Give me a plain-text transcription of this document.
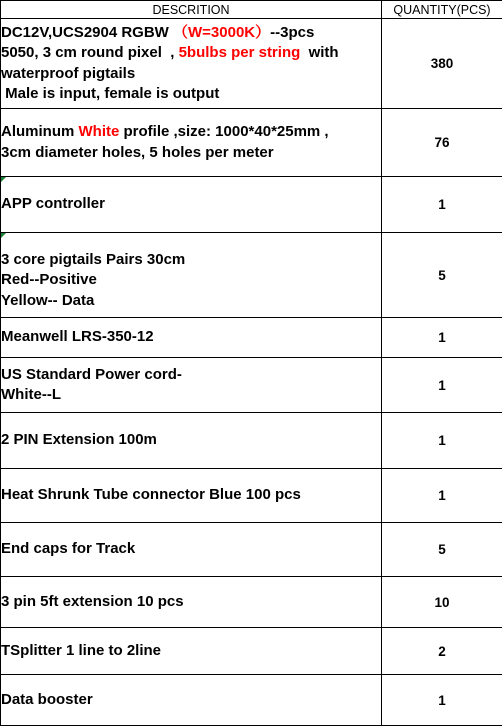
DESCRITION	QUANTITY(PCS)

DC12V,UCS2904 RGBW （W=3000K）--3pcs
5050, 3 cm round pixel  , 5bulbs per string  with
waterproof pigtails
Male is input, female is output	380

Aluminum White profile ,size: 1000*40*25mm ,
3cm diameter holes, 5 holes per meter	76

APP controller	1

3 core pigtails Pairs 30cm
Red--Positive
Yellow-- Data	5

Meanwell LRS-350-12	1

US Standard Power cord-
White--L	1

2 PIN Extension 100m	1

Heat Shrunk Tube connector Blue 100 pcs	1

End caps for Track	5

3 pin 5ft extension 10 pcs	10

TSplitter 1 line to 2line	2

Data booster	1
